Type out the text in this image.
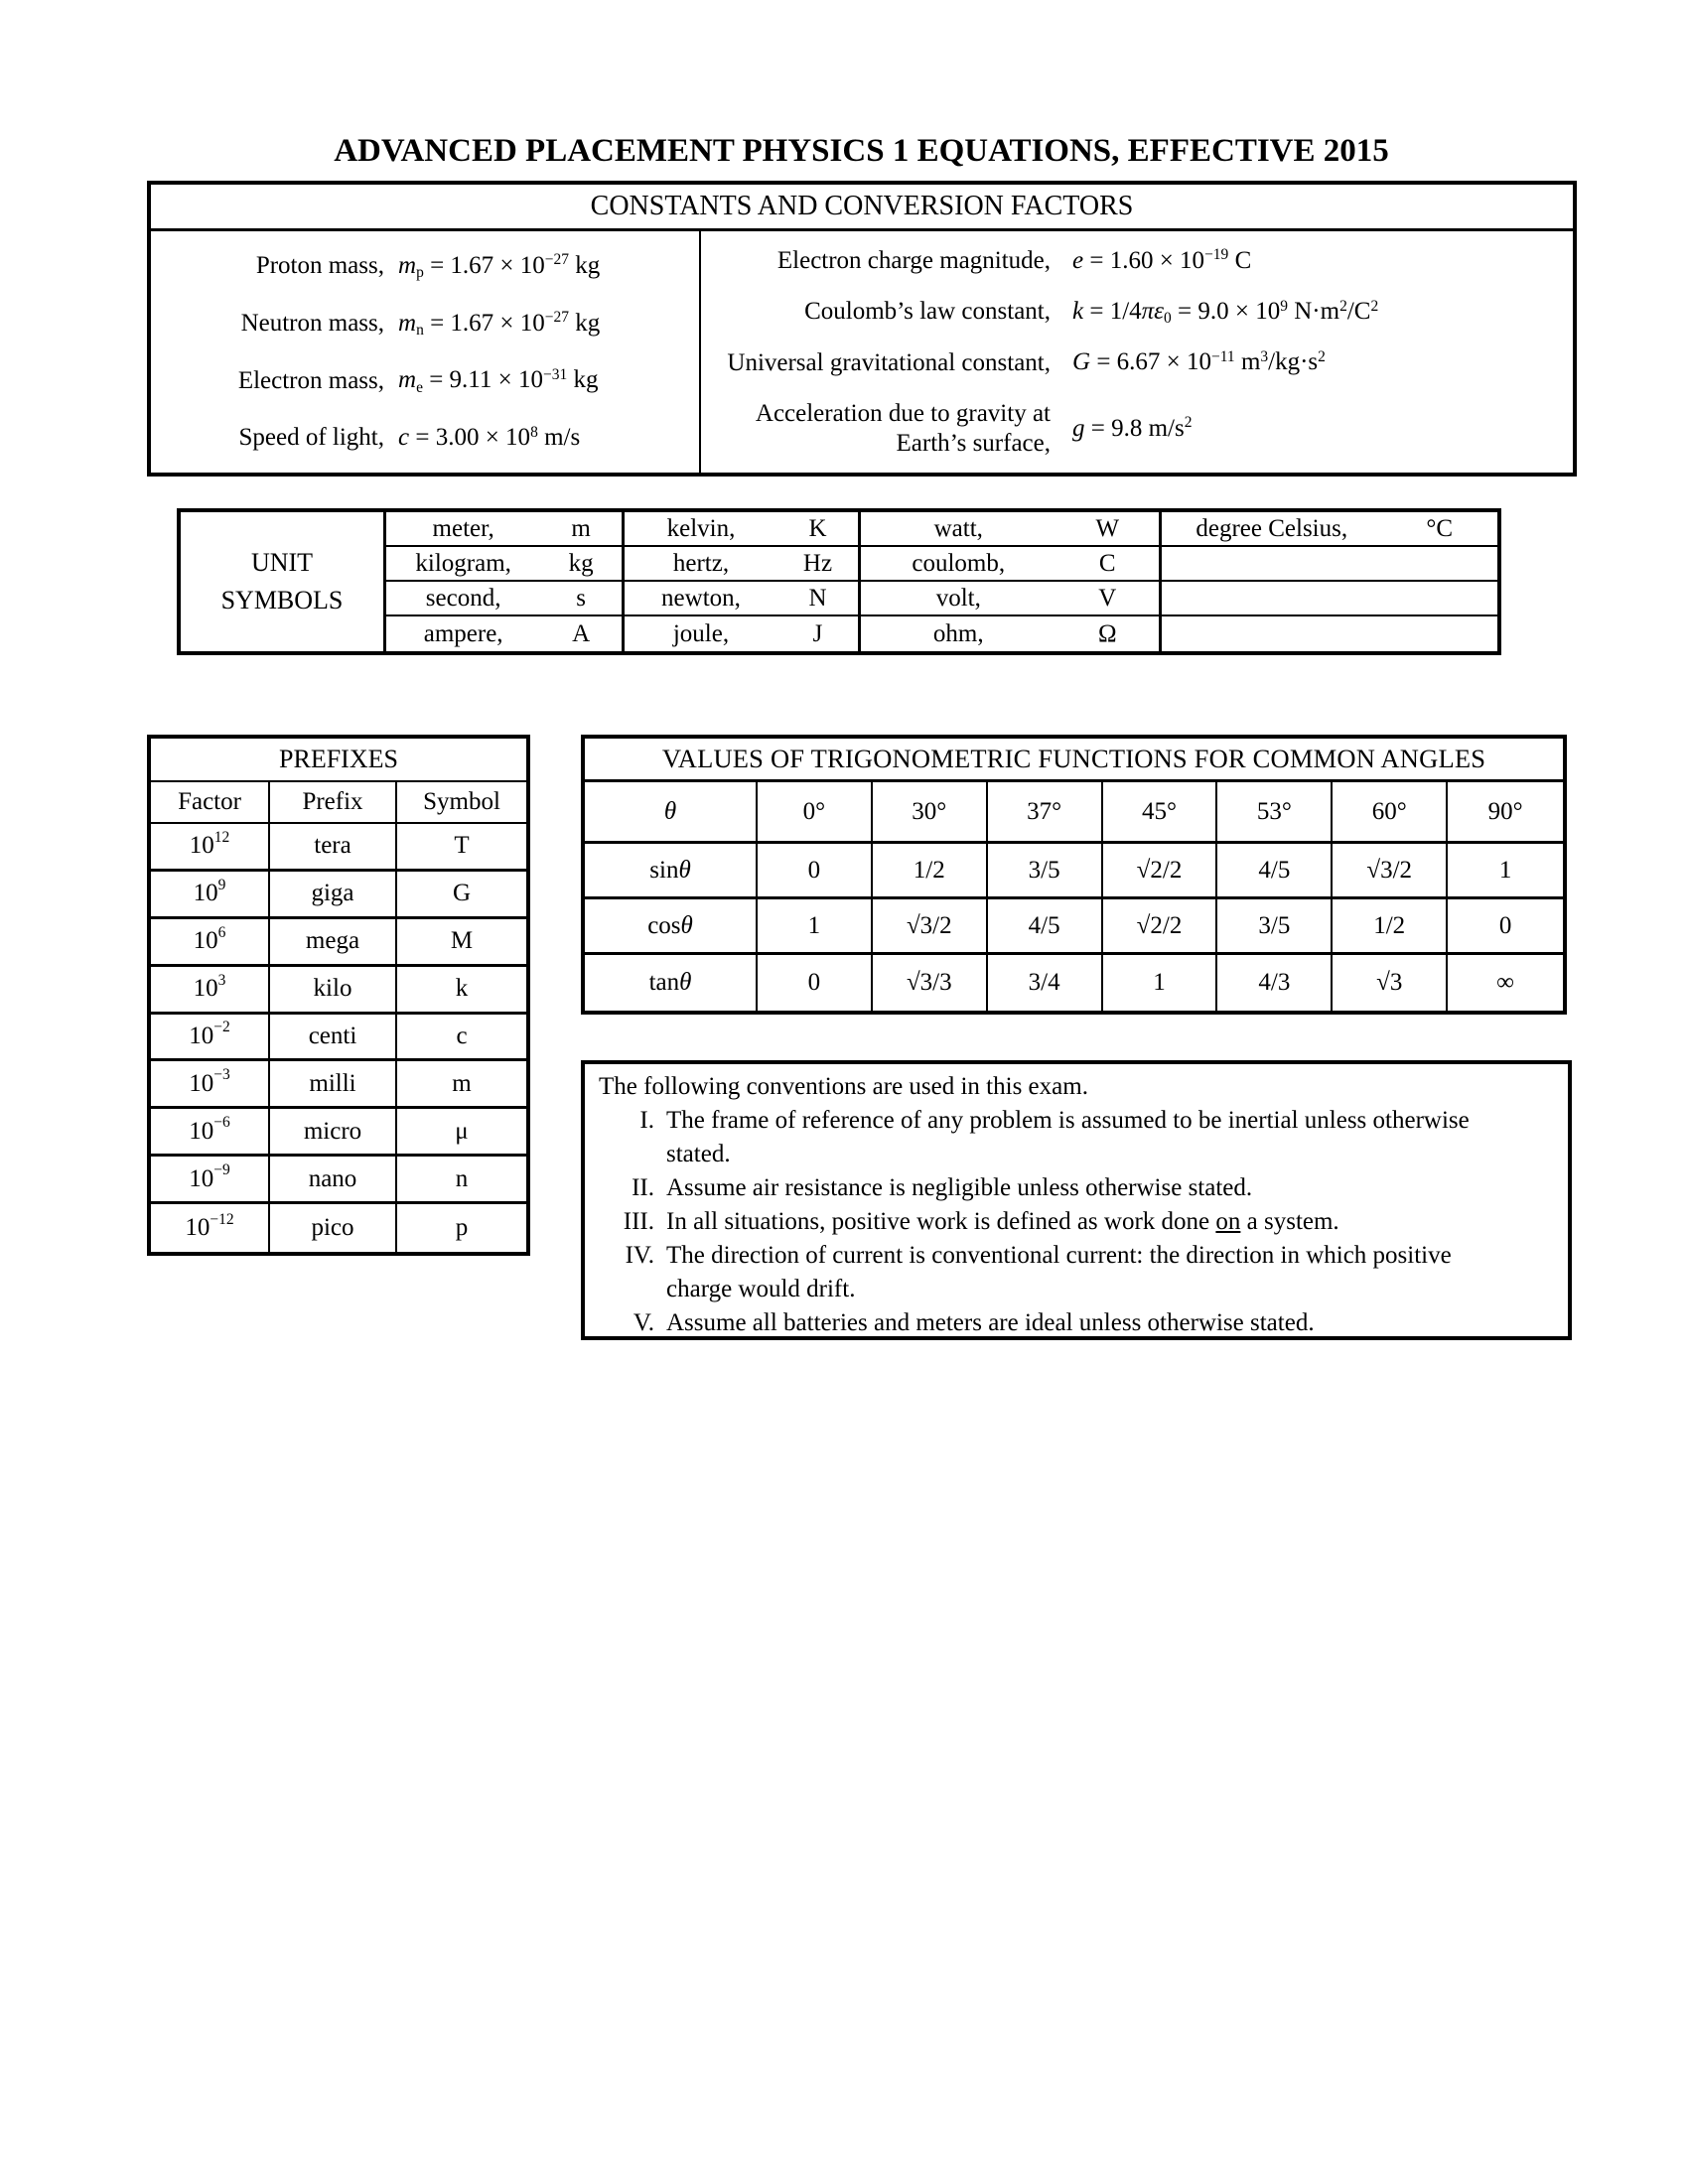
ADVANCED PLACEMENT PHYSICS 1 EQUATIONS, EFFECTIVE 2015
CONSTANTS AND CONVERSION FACTORS
Proton mass, $m_p = 1.67 \times 10^{-27}$ kg
Neutron mass, $m_n = 1.67 \times 10^{-27}$ kg
Electron mass, $m_e = 9.11 \times 10^{-31}$ kg
Speed of light, $c = 3.00 \times 10^8$ m/s
Electron charge magnitude, $e = 1.60 \times 10^{-19}$ C
Coulomb’s law constant, $k = 1/4\pi\varepsilon_0 = 9.0 \times 10^9$ $N\cdot m^2/C^2$
Universal gravitational constant, $G = 6.67 \times 10^{-11}$ $m^3/kg\cdot s^2$
Acceleration due to gravity at Earth’s surface,
g = 9.8 $m/s^2$
UNIT SYMBOLS
meter,	m	kelvin,	K	watt,	W	degree Celsius,	°C
kilogram,	kg	hertz,	Hz	coulomb,	C
second,	s	newton,	N	volt,	V
ampere,	A	joule,	J	ohm,	Ω
PREFIXES
Factor	Prefix	Symbol
$10^{12}$	tera	T
$10^9$	giga	G
$10^6$	mega	M
$10^3$	kilo	k
$10^{-2}$	centi	c
$10^{-3}$	milli	m
$10^{-6}$	micro	μ
$10^{-9}$	nano	n
$10^{-12}$	pico	p
VALUES OF TRIGONOMETRIC FUNCTIONS FOR COMMON ANGLES
θ	0°	30°	37°	45°	53°	60°	90°
sin θ	0	1/2	3/5	√2/2	4/5	√3/2	1
cos θ	1	√3/2	4/5	√2/2	3/5	1/2	0
tan θ	0	√3/3	3/4	1	4/3	√3	∞
The following conventions are used in this exam.
I. The frame of reference of any problem is assumed to be inertial unless otherwise stated.
II. Assume air resistance is negligible unless otherwise stated.
III. In all situations, positive work is defined as work done on a system.
IV. The direction of current is conventional current: the direction in which positive charge would drift.
V. Assume all batteries and meters are ideal unless otherwise stated.
